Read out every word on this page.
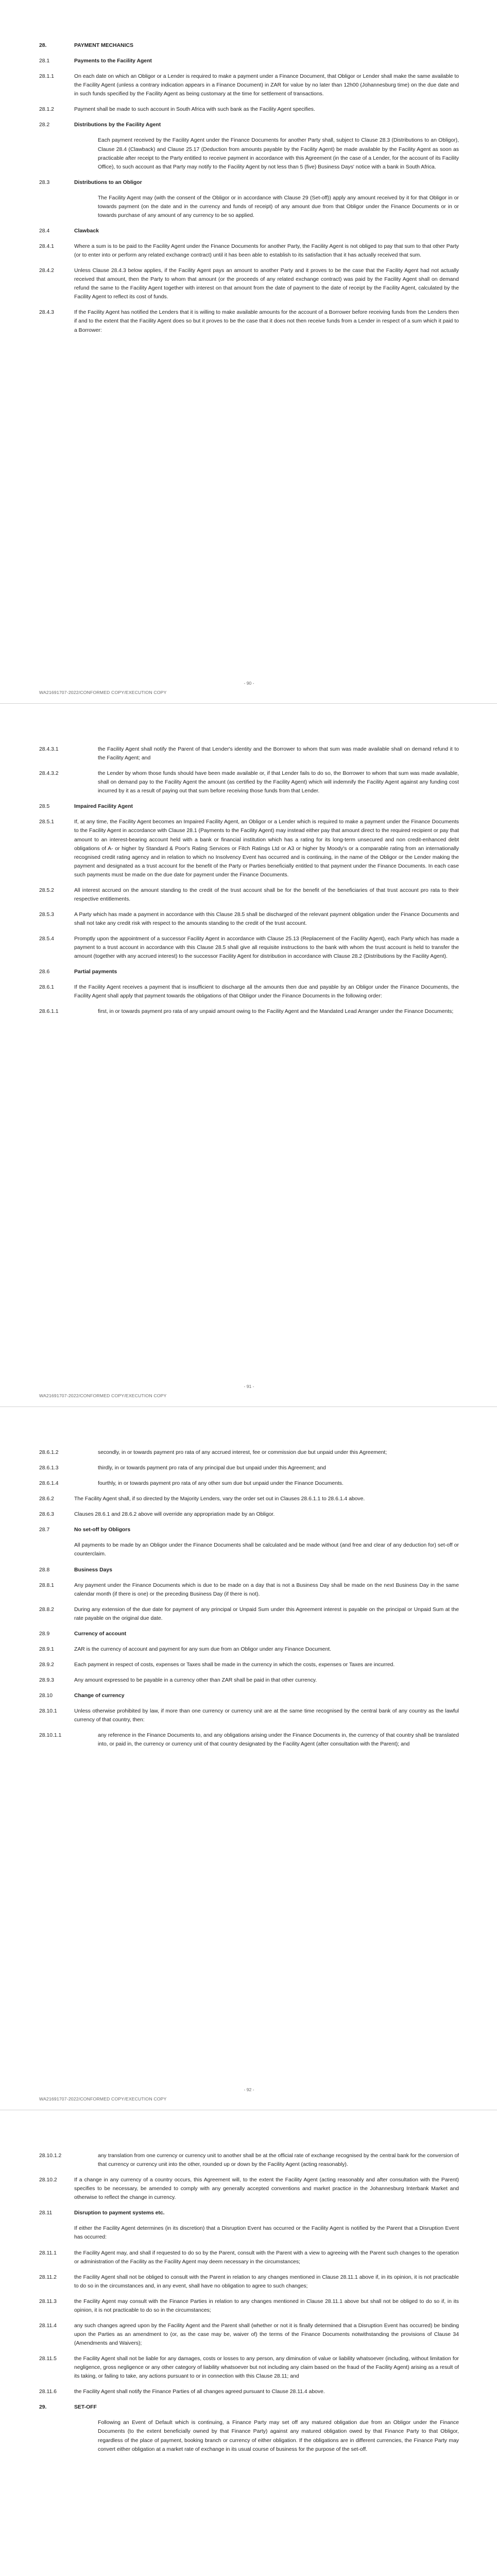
28.	PAYMENT MECHANICS
28.1	Payments to the Facility Agent
28.1.1	On each date on which an Obligor or a Lender is required to make a payment under a Finance Document, that Obligor or Lender shall make the same available to the Facility Agent (unless a contrary indication appears in a Finance Document) in ZAR for value by no later than 12h00 (Johannesburg time) on the due date and in such funds specified by the Facility Agent as being customary at the time for settlement of transactions.
28.1.2	Payment shall be made to such account in South Africa with such bank as the Facility Agent specifies.
28.2	Distributions by the Facility Agent
Each payment received by the Facility Agent under the Finance Documents for another Party shall, subject to Clause 28.3 (Distributions to an Obligor), Clause 28.4 (Clawback) and Clause 25.17 (Deduction from amounts payable by the Facility Agent) be made available by the Facility Agent as soon as practicable after receipt to the Party entitled to receive payment in accordance with this Agreement (in the case of a Lender, for the account of its Facility Office), to such account as that Party may notify to the Facility Agent by not less than 5 (five) Business Days' notice with a bank in South Africa.
28.3	Distributions to an Obligor
The Facility Agent may (with the consent of the Obligor or in accordance with Clause 29 (Set-off)) apply any amount received by it for that Obligor in or towards payment (on the date and in the currency and funds of receipt) of any amount due from that Obligor under the Finance Documents or in or towards purchase of any amount of any currency to be so applied.
28.4	Clawback
28.4.1	Where a sum is to be paid to the Facility Agent under the Finance Documents for another Party, the Facility Agent is not obliged to pay that sum to that other Party (or to enter into or perform any related exchange contract) until it has been able to establish to its satisfaction that it has actually received that sum.
28.4.2	Unless Clause 28.4.3 below applies, if the Facility Agent pays an amount to another Party and it proves to be the case that the Facility Agent had not actually received that amount, then the Party to whom that amount (or the proceeds of any related exchange contract) was paid by the Facility Agent shall on demand refund the same to the Facility Agent together with interest on that amount from the date of payment to the date of receipt by the Facility Agent, calculated by the Facility Agent to reflect its cost of funds.
28.4.3	If the Facility Agent has notified the Lenders that it is willing to make available amounts for the account of a Borrower before receiving funds from the Lenders then if and to the extent that the Facility Agent does so but it proves to be the case that it does not then receive funds from a Lender in respect of a sum which it paid to a Borrower:
- 90 -
WA21691707-2022/CONFORMED COPY/EXECUTION COPY
28.4.3.1	the Facility Agent shall notify the Parent of that Lender's identity and the Borrower to whom that sum was made available shall on demand refund it to the Facility Agent; and
28.4.3.2	the Lender by whom those funds should have been made available or, if that Lender fails to do so, the Borrower to whom that sum was made available, shall on demand pay to the Facility Agent the amount (as certified by the Facility Agent) which will indemnify the Facility Agent against any funding cost incurred by it as a result of paying out that sum before receiving those funds from that Lender.
28.5	Impaired Facility Agent
28.5.1	If, at any time, the Facility Agent becomes an Impaired Facility Agent, an Obligor or a Lender which is required to make a payment under the Finance Documents to the Facility Agent in accordance with Clause 28.1 (Payments to the Facility Agent) may instead either pay that amount direct to the required recipient or pay that amount to an interest-bearing account held with a bank or financial institution which has a rating for its long-term unsecured and non credit-enhanced debt obligations of A- or higher by Standard & Poor's Rating Services or Fitch Ratings Ltd or A3 or higher by Moody's or a comparable rating from an internationally recognised credit rating agency and in relation to which no Insolvency Event has occurred and is continuing, in the name of the Obligor or the Lender making the payment and designated as a trust account for the benefit of the Party or Parties beneficially entitled to that payment under the Finance Documents. In each case such payments must be made on the due date for payment under the Finance Documents.
28.5.2	All interest accrued on the amount standing to the credit of the trust account shall be for the benefit of the beneficiaries of that trust account pro rata to their respective entitlements.
28.5.3	A Party which has made a payment in accordance with this Clause 28.5 shall be discharged of the relevant payment obligation under the Finance Documents and shall not take any credit risk with respect to the amounts standing to the credit of the trust account.
28.5.4	Promptly upon the appointment of a successor Facility Agent in accordance with Clause 25.13 (Replacement of the Facility Agent), each Party which has made a payment to a trust account in accordance with this Clause 28.5 shall give all requisite instructions to the bank with whom the trust account is held to transfer the amount (together with any accrued interest) to the successor Facility Agent for distribution in accordance with Clause 28.2 (Distributions by the Facility Agent).
28.6	Partial payments
28.6.1	If the Facility Agent receives a payment that is insufficient to discharge all the amounts then due and payable by an Obligor under the Finance Documents, the Facility Agent shall apply that payment towards the obligations of that Obligor under the Finance Documents in the following order:
28.6.1.1	first, in or towards payment pro rata of any unpaid amount owing to the Facility Agent and the Mandated Lead Arranger under the Finance Documents;
- 91 -
WA21691707-2022/CONFORMED COPY/EXECUTION COPY
28.6.1.2	secondly, in or towards payment pro rata of any accrued interest, fee or commission due but unpaid under this Agreement;
28.6.1.3	thirdly, in or towards payment pro rata of any principal due but unpaid under this Agreement; and
28.6.1.4	fourthly, in or towards payment pro rata of any other sum due but unpaid under the Finance Documents.
28.6.2	The Facility Agent shall, if so directed by the Majority Lenders, vary the order set out in Clauses 28.6.1.1 to 28.6.1.4 above.
28.6.3	Clauses 28.6.1 and 28.6.2 above will override any appropriation made by an Obligor.
28.7	No set-off by Obligors
All payments to be made by an Obligor under the Finance Documents shall be calculated and be made without (and free and clear of any deduction for) set-off or counterclaim.
28.8	Business Days
28.8.1	Any payment under the Finance Documents which is due to be made on a day that is not a Business Day shall be made on the next Business Day in the same calendar month (if there is one) or the preceding Business Day (if there is not).
28.8.2	During any extension of the due date for payment of any principal or Unpaid Sum under this Agreement interest is payable on the principal or Unpaid Sum at the rate payable on the original due date.
28.9	Currency of account
28.9.1	ZAR is the currency of account and payment for any sum due from an Obligor under any Finance Document.
28.9.2	Each payment in respect of costs, expenses or Taxes shall be made in the currency in which the costs, expenses or Taxes are incurred.
28.9.3	Any amount expressed to be payable in a currency other than ZAR shall be paid in that other currency.
28.10	Change of currency
28.10.1	Unless otherwise prohibited by law, if more than one currency or currency unit are at the same time recognised by the central bank of any country as the lawful currency of that country, then:
28.10.1.1	any reference in the Finance Documents to, and any obligations arising under the Finance Documents in, the currency of that country shall be translated into, or paid in, the currency or currency unit of that country designated by the Facility Agent (after consultation with the Parent); and
- 92 -
WA21691707-2022/CONFORMED COPY/EXECUTION COPY
28.10.1.2	any translation from one currency or currency unit to another shall be at the official rate of exchange recognised by the central bank for the conversion of that currency or currency unit into the other, rounded up or down by the Facility Agent (acting reasonably).
28.10.2	If a change in any currency of a country occurs, this Agreement will, to the extent the Facility Agent (acting reasonably and after consultation with the Parent) specifies to be necessary, be amended to comply with any generally accepted conventions and market practice in the Johannesburg Interbank Market and otherwise to reflect the change in currency.
28.11	Disruption to payment systems etc.
If either the Facility Agent determines (in its discretion) that a Disruption Event has occurred or the Facility Agent is notified by the Parent that a Disruption Event has occurred:
28.11.1	the Facility Agent may, and shall if requested to do so by the Parent, consult with the Parent with a view to agreeing with the Parent such changes to the operation or administration of the Facility as the Facility Agent may deem necessary in the circumstances;
28.11.2	the Facility Agent shall not be obliged to consult with the Parent in relation to any changes mentioned in Clause 28.11.1 above if, in its opinion, it is not practicable to do so in the circumstances and, in any event, shall have no obligation to agree to such changes;
28.11.3	the Facility Agent may consult with the Finance Parties in relation to any changes mentioned in Clause 28.11.1 above but shall not be obliged to do so if, in its opinion, it is not practicable to do so in the circumstances;
28.11.4	any such changes agreed upon by the Facility Agent and the Parent shall (whether or not it is finally determined that a Disruption Event has occurred) be binding upon the Parties as an amendment to (or, as the case may be, waiver of) the terms of the Finance Documents notwithstanding the provisions of Clause 34 (Amendments and Waivers);
28.11.5	the Facility Agent shall not be liable for any damages, costs or losses to any person, any diminution of value or liability whatsoever (including, without limitation for negligence, gross negligence or any other category of liability whatsoever but not including any claim based on the fraud of the Facility Agent) arising as a result of its taking, or failing to take, any actions pursuant to or in connection with this Clause 28.11; and
28.11.6	the Facility Agent shall notify the Finance Parties of all changes agreed pursuant to Clause 28.11.4 above.
29.	SET-OFF
Following an Event of Default which is continuing, a Finance Party may set off any matured obligation due from an Obligor under the Finance Documents (to the extent beneficially owned by that Finance Party) against any matured obligation owed by that Finance Party to that Obligor, regardless of the place of payment, booking branch or currency of either obligation. If the obligations are in different currencies, the Finance Party may convert either obligation at a market rate of exchange in its usual course of business for the purpose of the set-off.
